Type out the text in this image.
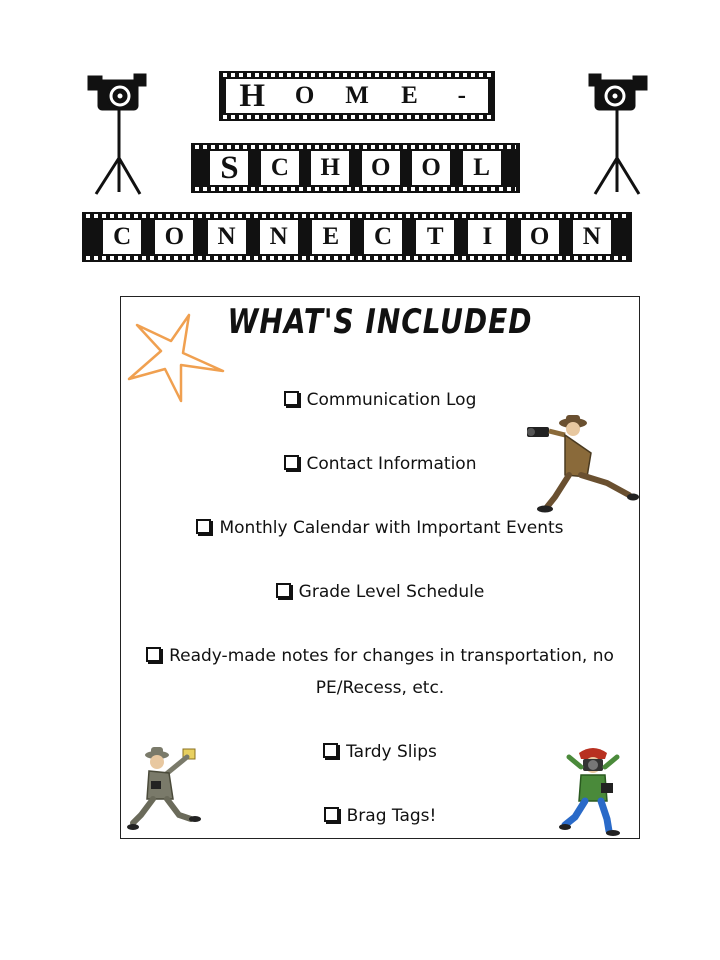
H	O	M	E	-
S	C	H	O	O	L
C	O	N	N	E	C	T	I	O	N
WHAT'S INCLUDED
Communication Log
Contact Information
Monthly Calendar with Important Events
Grade Level Schedule
Ready-made notes for changes in transportation, no
PE/Recess, etc.
Tardy Slips
Brag Tags!
